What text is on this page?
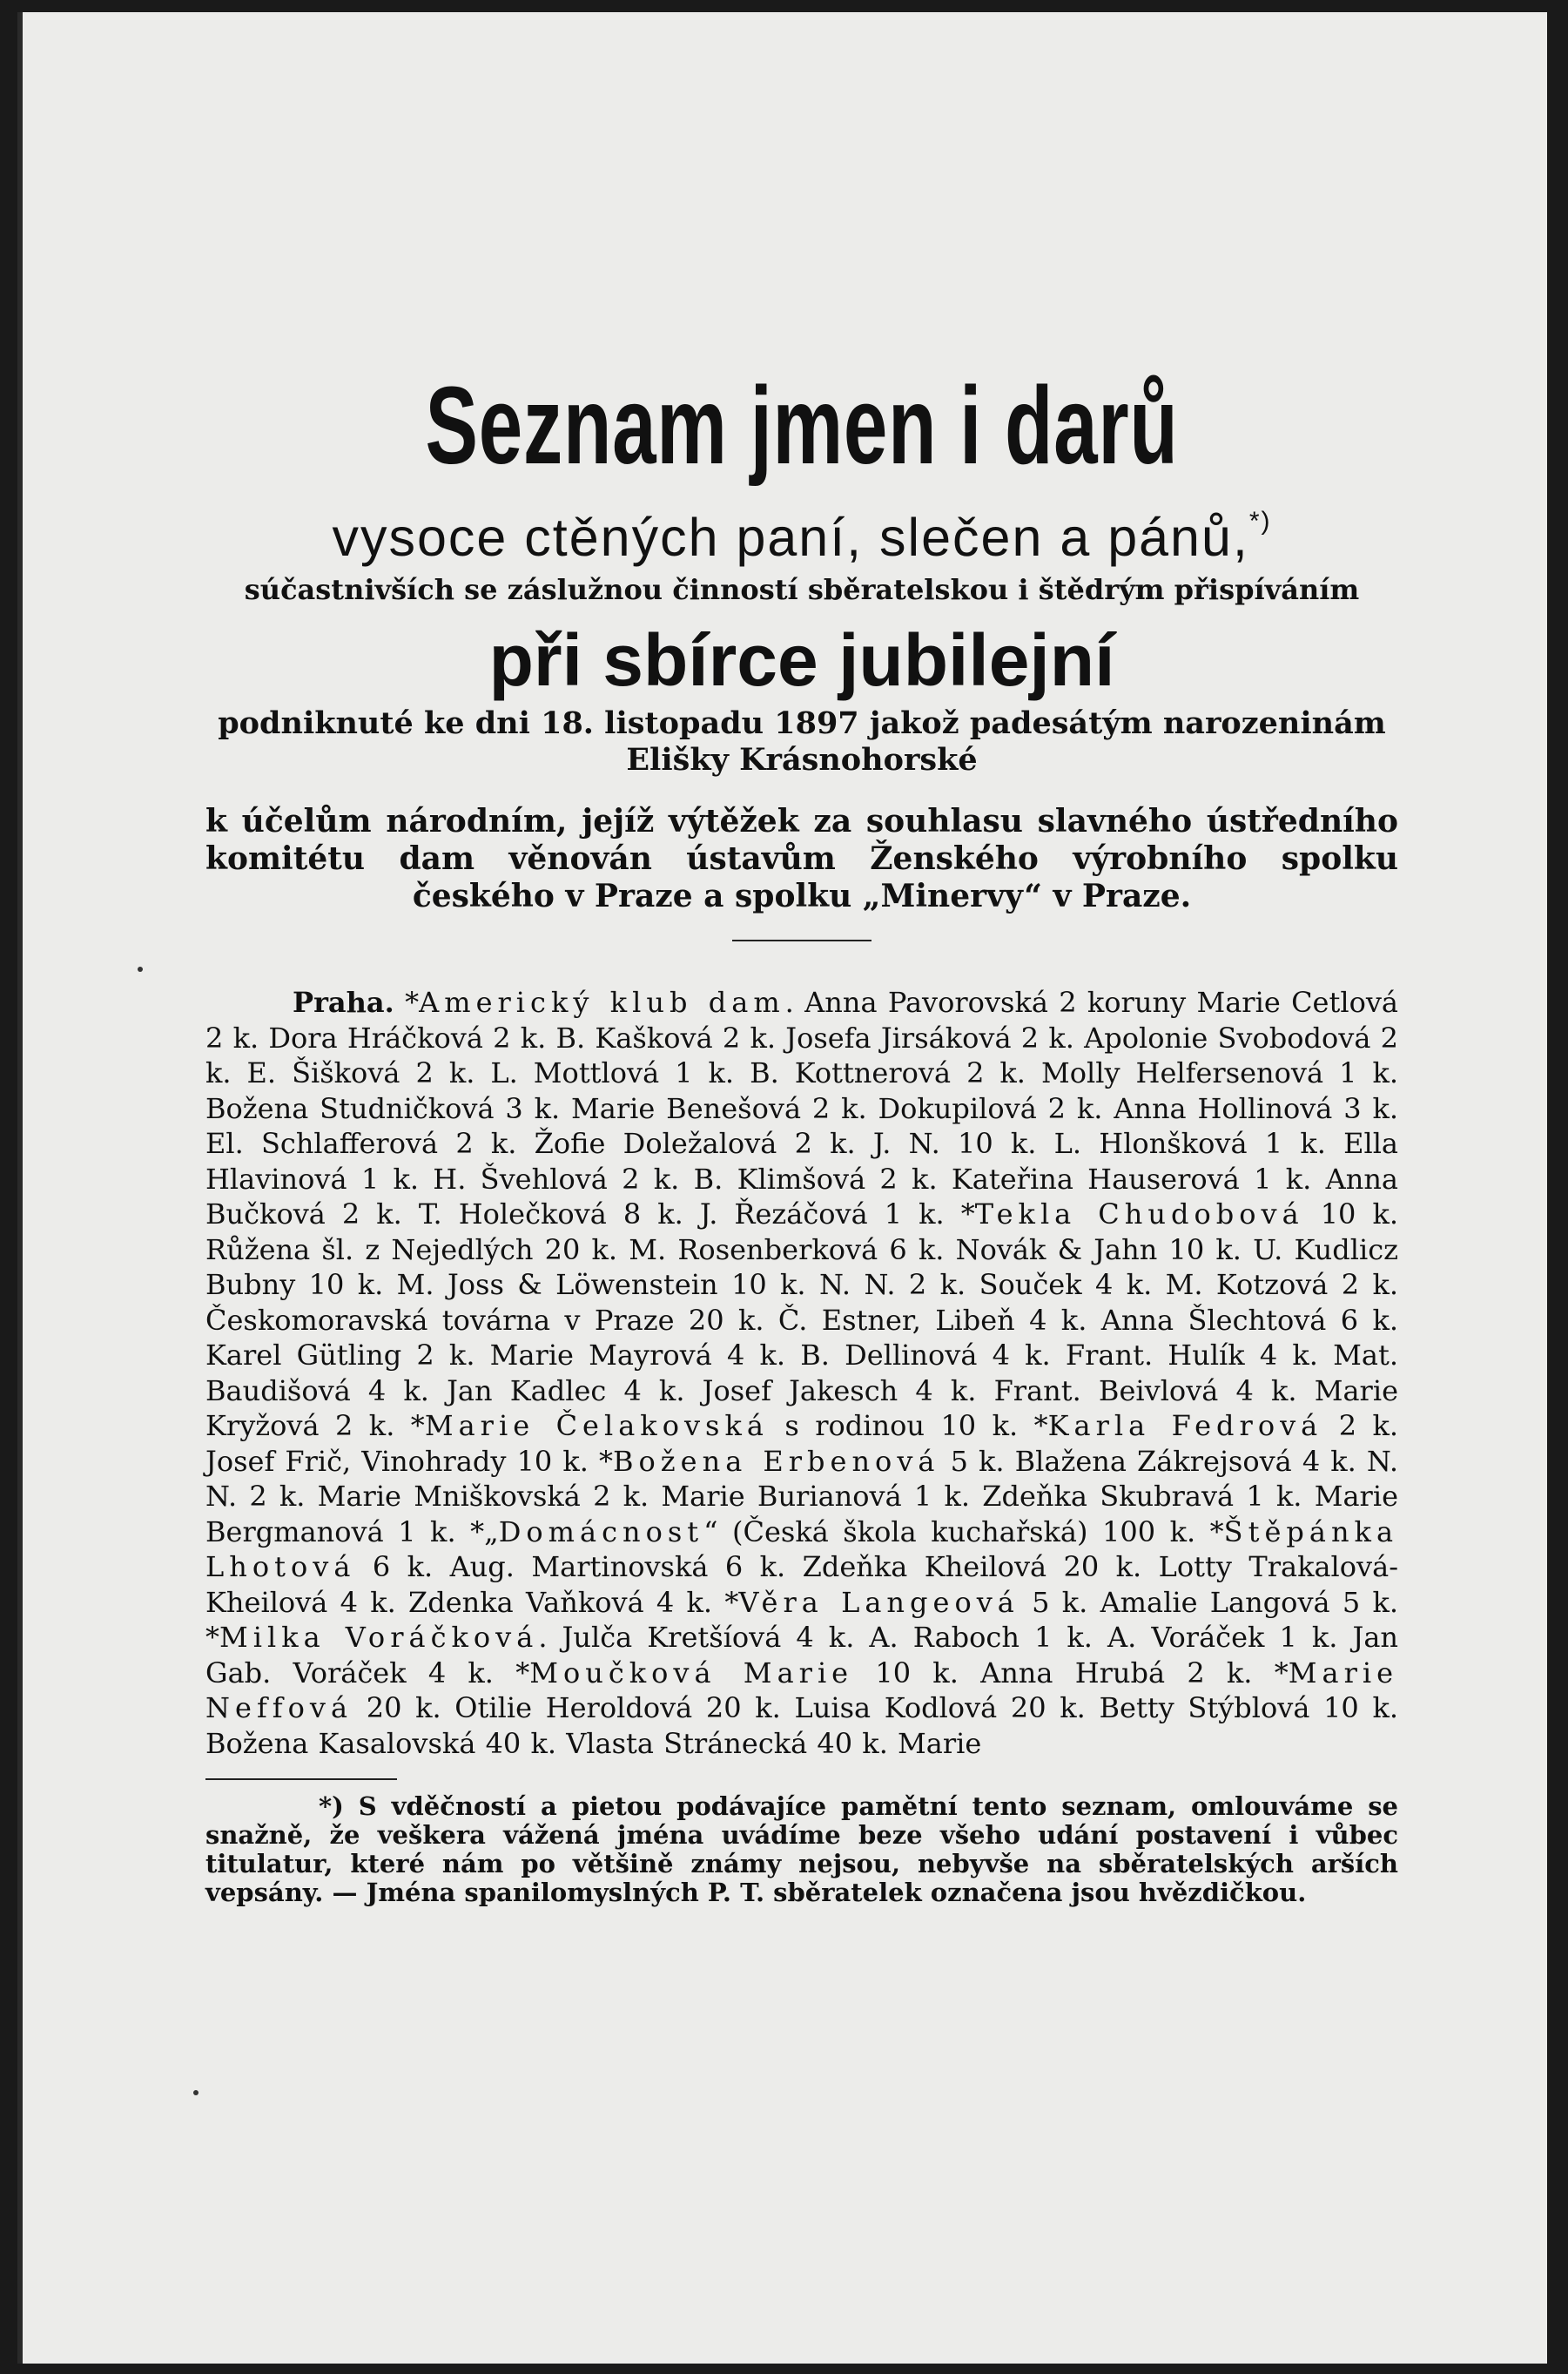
Seznam jmen i darů

vysoce ctěných paní, slečen a pánů,*)

súčastnivších se záslužnou činností sběratelskou i štědrým přispíváním

při sbírce jubilejní

podniknuté ke dni 18. listopadu 1897 jakož padesátým narozeninám Elišky Krásnohorské

k účelům národním, jejíž výtěžek za souhlasu slavného ústředního komitétu dam věnován ústavům Ženského výrobního spolku českého v Praze a spolku „Minervy“ v Praze.

Praha. *Americký klub dam. Anna Pavorovská 2 koruny Marie Cetlová 2 k. Dora Hráčková 2 k. B. Kašková 2 k. Josefa Jirsáková 2 k. Apolonie Svobodová 2 k. E. Šišková 2 k. L. Mottlová 1 k. B. Kottnerová 2 k. Molly Helfersenová 1 k. Božena Studničková 3 k. Marie Benešová 2 k. Dokupilová 2 k. Anna Hollinová 3 k. El. Schlafferová 2 k. Žofie Doležalová 2 k. J. N. 10 k. L. Hlonšková 1 k. Ella Hlavinová 1 k. H. Švehlová 2 k. B. Klimšová 2 k. Kateřina Hauserová 1 k. Anna Bučková 2 k. T. Holečková 8 k. J. Řezáčová 1 k. *Tekla Chudobová 10 k. Růžena šl. z Nejedlých 20 k. M. Rosenberková 6 k. Novák & Jahn 10 k. U. Kudlicz Bubny 10 k. M. Joss & Löwenstein 10 k. N. N. 2 k. Souček 4 k. M. Kotzová 2 k. Českomoravská továrna v Praze 20 k. Č. Estner, Libeň 4 k. Anna Šlechtová 6 k. Karel Gütling 2 k. Marie Mayrová 4 k. B. Dellinová 4 k. Frant. Hulík 4 k. Mat. Baudišová 4 k. Jan Kadlec 4 k. Josef Jakesch 4 k. Frant. Beivlová 4 k. Marie Kryžová 2 k. *Marie Čelakovská s rodinou 10 k. *Karla Fedrová 2 k. Josef Frič, Vinohrady 10 k. *Božena Erbenová 5 k. Blažena Zákrejsová 4 k. N. N. 2 k. Marie Mniškovská 2 k. Marie Burianová 1 k. Zdeňka Skubravá 1 k. Marie Bergmanová 1 k. *„Domácnost“ (Česká škola kuchařská) 100 k. *Štěpánka Lhotová 6 k. Aug. Martinovská 6 k. Zdeňka Kheilová 20 k. Lotty Trakalová-Kheilová 4 k. Zdenka Vaňková 4 k. *Věra Langeová 5 k. Amalie Langová 5 k. *Milka Voráčková. Julča Kretšíová 4 k. A. Raboch 1 k. A. Voráček 1 k. Jan Gab. Voráček 4 k. *Moučková Marie 10 k. Anna Hrubá 2 k. *Marie Neffová 20 k. Otilie Heroldová 20 k. Luisa Kodlová 20 k. Betty Stýblová 10 k. Božena Kasalovská 40 k. Vlasta Stránecká 40 k. Marie

*) S vděčností a pietou podávajíce pamětní tento seznam, omlouváme se snažně, že veškera vážená jména uvádíme beze všeho udání postavení i vůbec titulatur, které nám po většině známy nejsou, nebyvše na sběratelských arších vepsány. — Jména spanilomyslných P. T. sběratelek označena jsou hvězdičkou.
